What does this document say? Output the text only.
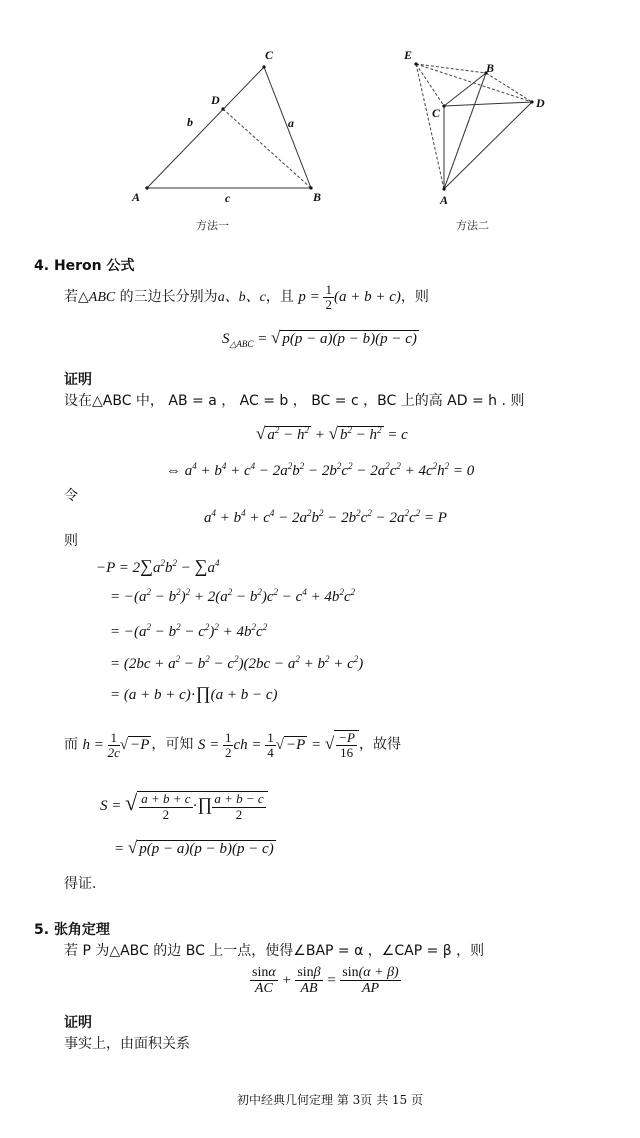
A	B
C
D
a
b
c
方法一
E
B
D
C
A
方法二
4. Heron 公式
若△ABC 的三边长分别为a、b、c，且 $p = \frac{1}{2} (a + b + c)$，则
$S_{\triangle ABC}$ = √ p(p − a)(p − b)(p − c)
证明
设在△ABC 中， AB = a ， AC = b ， BC = c ，BC 上的高 AD = h . 则
√ $a^2 - h^2$ + √ $b^2 - h^2 = c$
⇔ $a^4 + b^4 + c^4 - 2a^2b^2 - 2b^2c^2 - 2a^2c^2 + 4c^2h^2 = 0$
令
$a^4 + b^4 + c^4 - 2a^2b^2 - 2b^2c^2 - 2a^2c^2 = P$
则
$-P = 2\sum a^2b^2 - \sum a^4$
= $-(a^2 - b^2)^2 + 2(a^2 - b^2)c^2 - c^4 + 4b^2c^2$
= $-(a^2 - b^2 - c^2)^2 + 4b^2c^2$
= $(2bc + a^2 - b^2 - c^2)(2bc - a^2 + b^2 + c^2)$
= (a + b + c)·∏(a + b − c)
而 $h = \frac{1}{2c}$ √ −P ，可知 $S = \frac{1}{2}$ ch = $\frac{1}{4}$ √ −P = √ $\frac{-P}{16}$ ，故得
S = √ $\frac{a + b + c}{2}$ ·∏ $\frac{a + b - c}{2}$
= √ p(p − a)(p − b)(p − c)
得证.
5. 张角定理
若 P 为△ABC 的边 BC 上一点，使得∠BAP = α ，∠CAP = β ，则
$\frac{\sin\alpha}{AC} + \frac{\sin\beta}{AB} = \frac{\sin(\alpha + \beta)}{AP}$
证明
事实上，由面积关系
初中经典几何定理 第 3页 共 15 页
